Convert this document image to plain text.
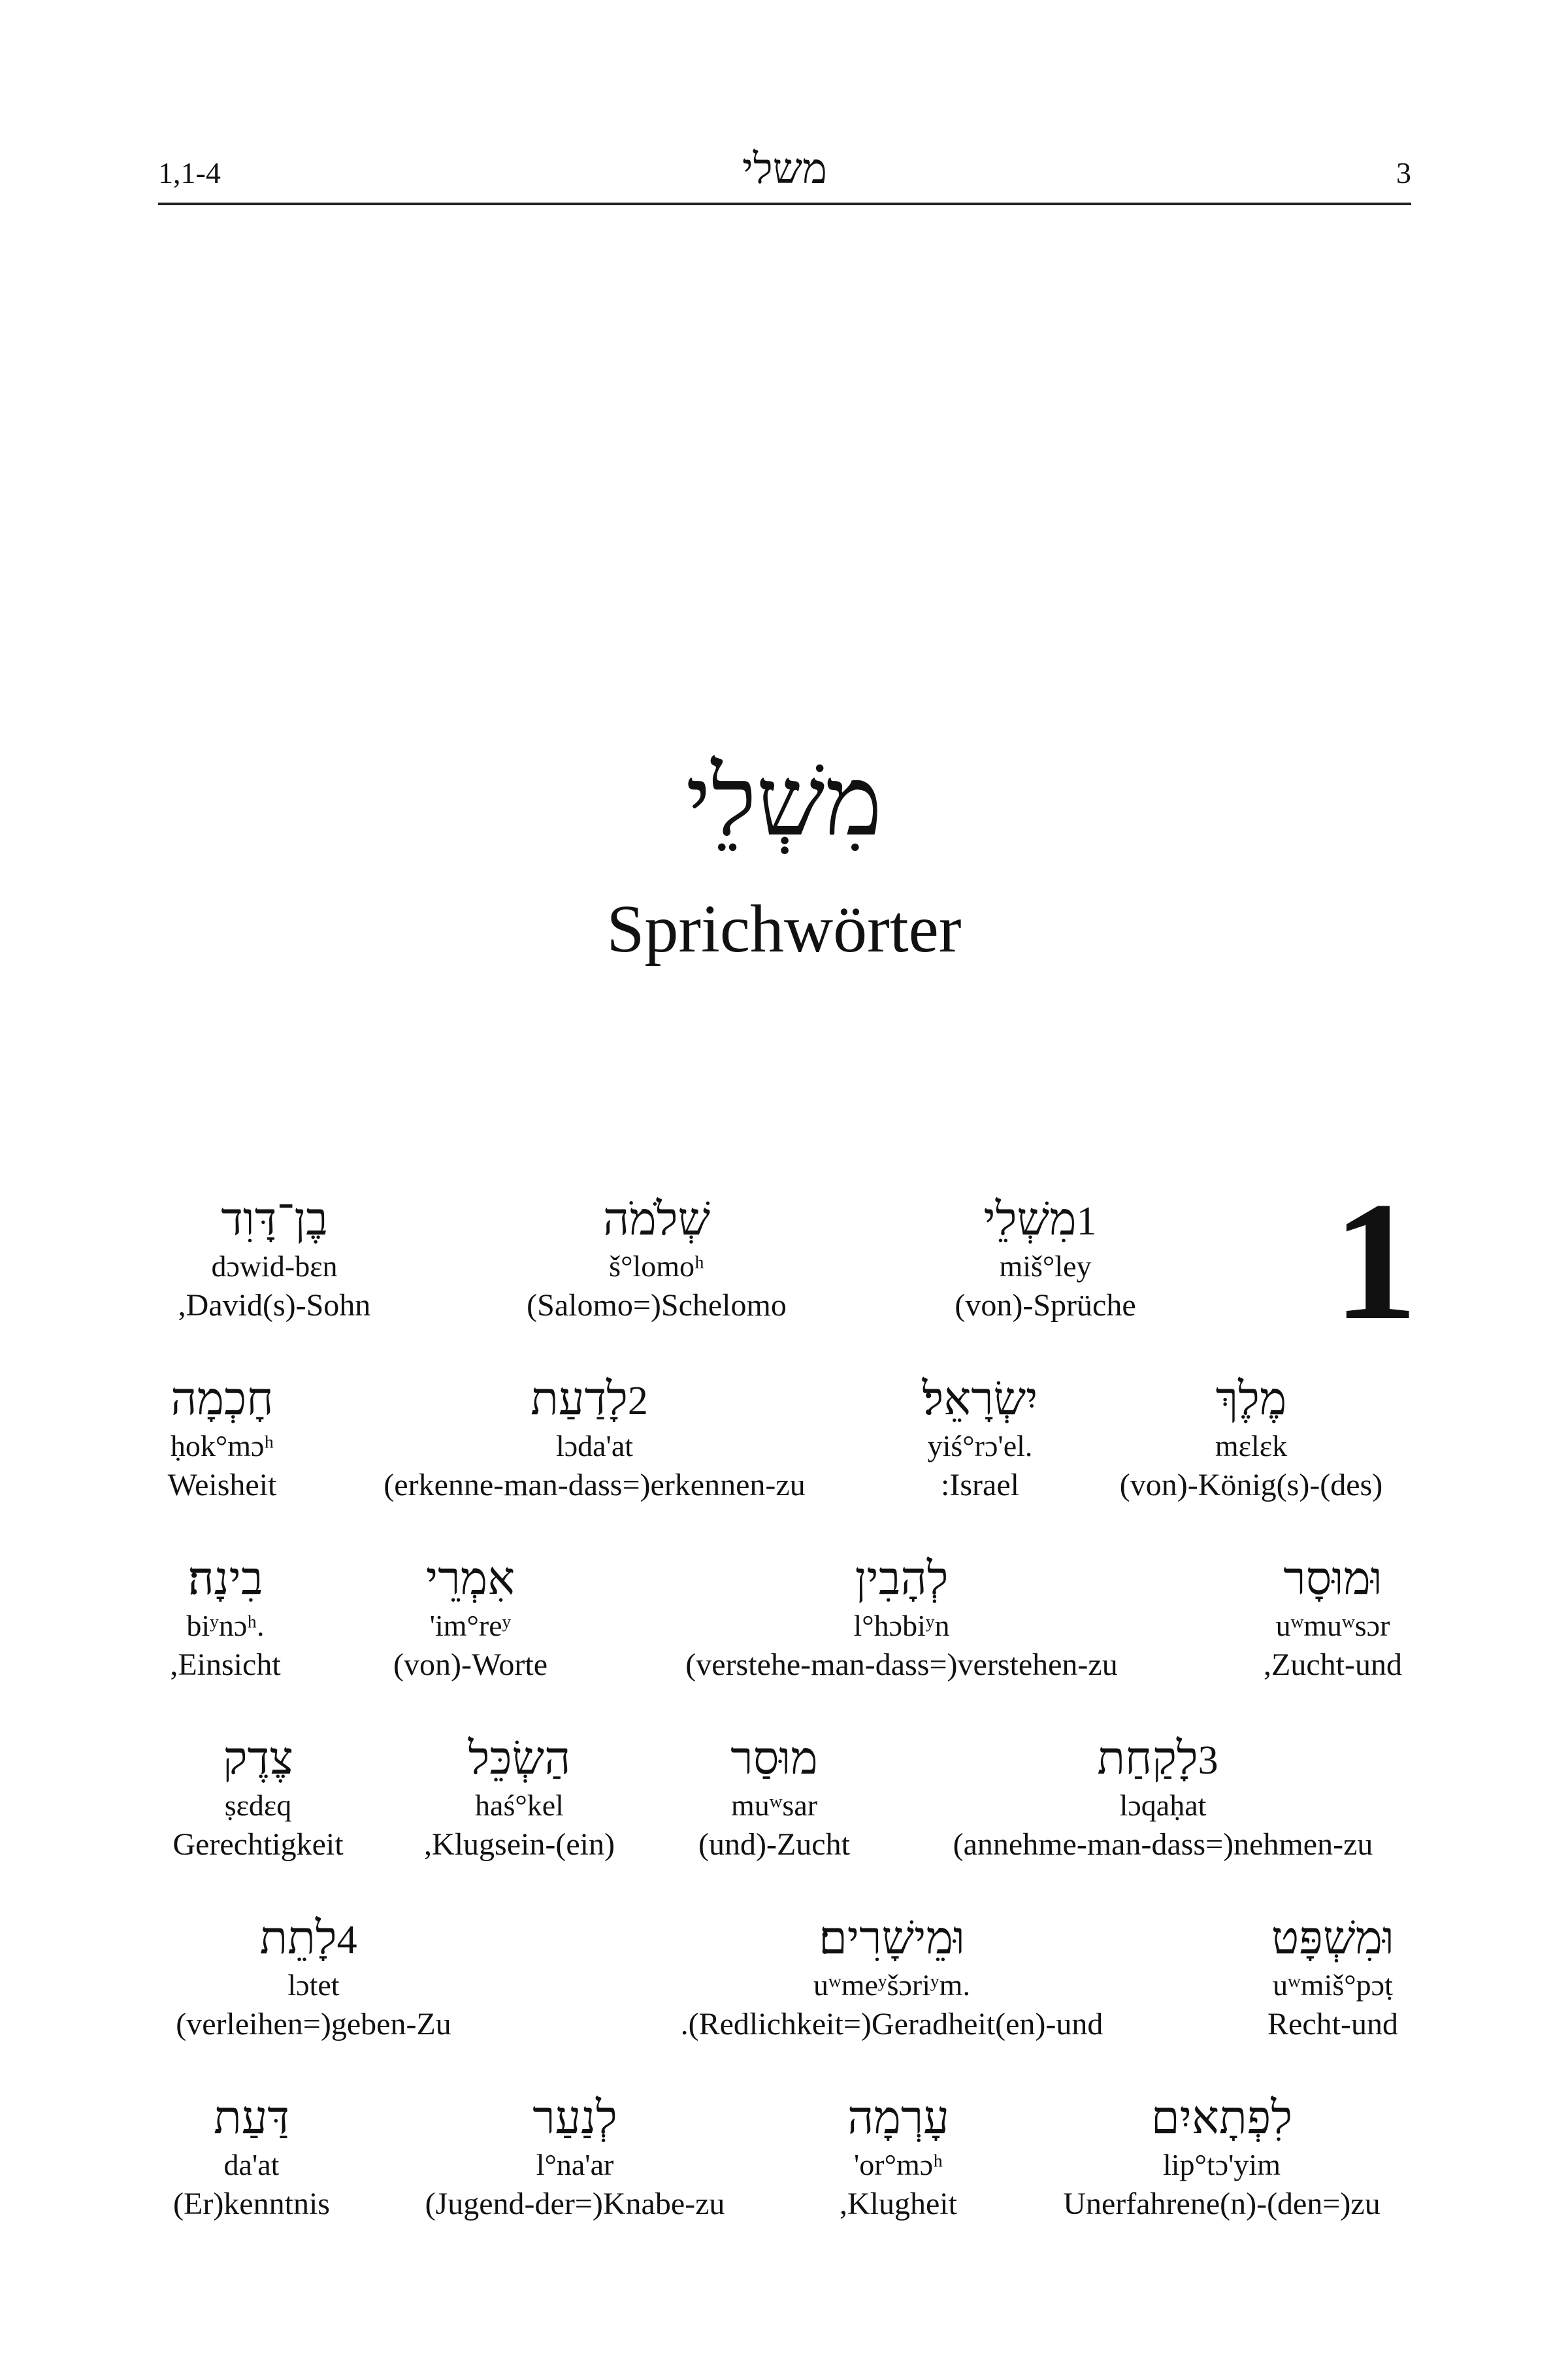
1,1-4	משלי	3
מִשְׁלֵי
Sprichwörter
1
1מִשְׁלֵי
miš°ley
(von)-Sprüche
שְׁלֹמֹה
š°lomoʰ
(Salomo=)Schelomo
בֶן־דָּוִד
dɔwid-bɛn
,David(s)-Sohn
מֶלֶךְ
mɛlɛk
(von)-König(s)-(des)
יִשְׂרָאֵל׃
yiś°rɔ'el.
:Israel
2לָדַעַת
lɔda'at
(erkenne-man-dass=)erkennen-zu
חָכְמָה
ḥok°mɔʰ
Weisheit
וּמוּסָר
uʷmuʷsɔr
,Zucht-und
לְהָבִין
l°hɔbiʸn
(verstehe-man-dass=)verstehen-zu
אִמְרֵי
'im°reʸ
(von)-Worte
בִינָה׃
biʸnɔʰ.
,Einsicht
3לָקַחַת
lɔqaḥat
(annehme-man-dass=)nehmen-zu
מוּסַר
muʷsar
(und)-Zucht
הַשְׂכֵּל
haś°kel
,Klugsein-(ein)
צֶדֶק
ṣɛdɛq
Gerechtigkeit
וּמִשְׁפָּט
uʷmiš°pɔṭ
Recht-und
וּמֵישָׁרִים׃
uʷmeʸšɔriʸm.
.(Redlichkeit=)Geradheit(en)-und
4לָתֵת
lɔtet
(verleihen=)geben-Zu
לִפְתָאיִם
lip°tɔ'yim
Unerfahrene(n)-(den=)zu
עָרְמָה
'or°mɔʰ
,Klugheit
לְנַעַר
l°na'ar
(Jugend-der=)Knabe-zu
דַּעַת
da'at
(Er)kenntnis
